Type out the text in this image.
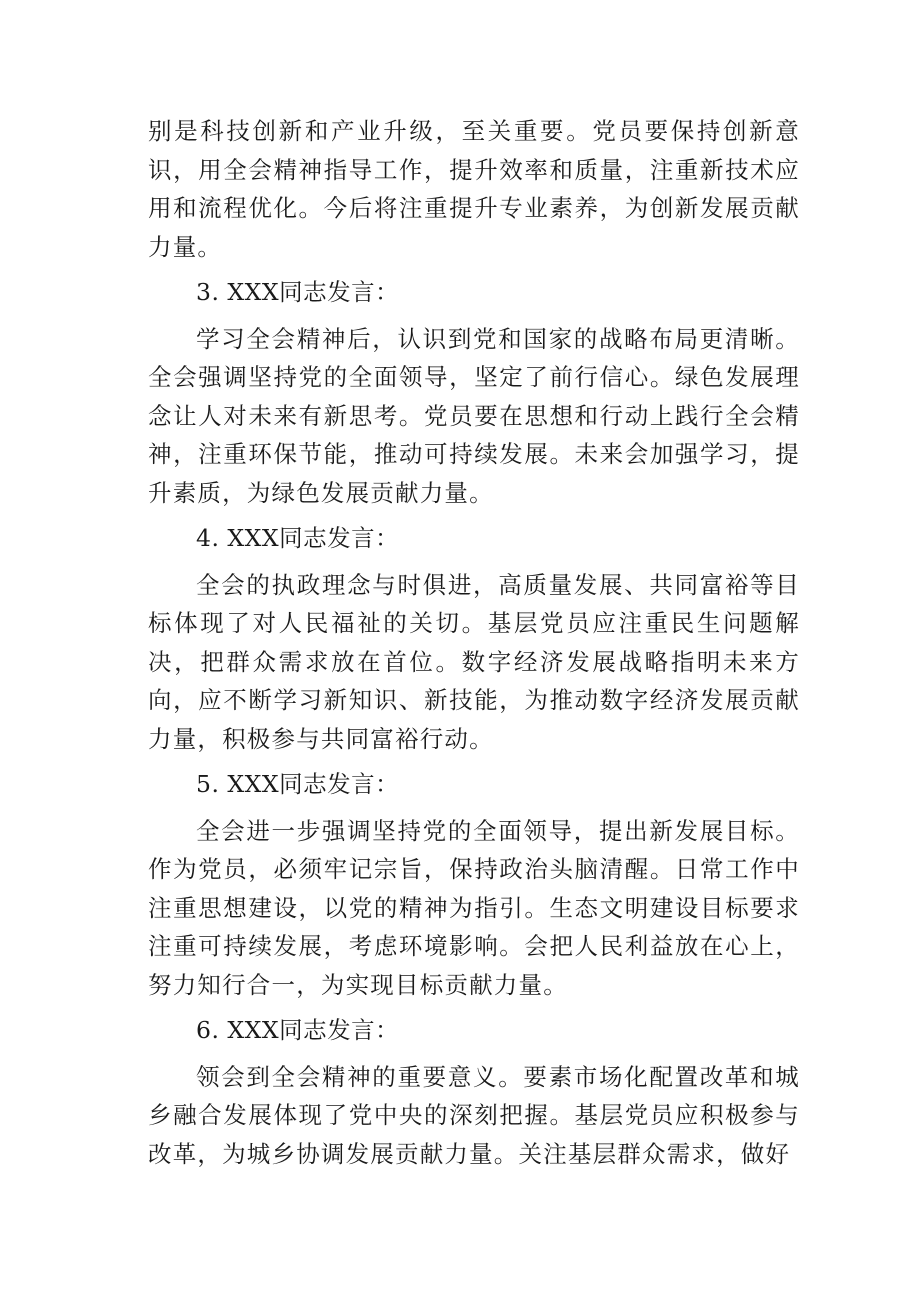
别是科技创新和产业升级，至关重要。党员要保持创新意识，用全会精神指导工作，提升效率和质量，注重新技术应用和流程优化。今后将注重提升专业素养，为创新发展贡献力量。

3. XXX同志发言：

学习全会精神后，认识到党和国家的战略布局更清晰。全会强调坚持党的全面领导，坚定了前行信心。绿色发展理念让人对未来有新思考。党员要在思想和行动上践行全会精神，注重环保节能，推动可持续发展。未来会加强学习，提升素质，为绿色发展贡献力量。

4. XXX同志发言：

全会的执政理念与时俱进，高质量发展、共同富裕等目标体现了对人民福祉的关切。基层党员应注重民生问题解决，把群众需求放在首位。数字经济发展战略指明未来方向，应不断学习新知识、新技能，为推动数字经济发展贡献力量，积极参与共同富裕行动。

5. XXX同志发言：

全会进一步强调坚持党的全面领导，提出新发展目标。作为党员，必须牢记宗旨，保持政治头脑清醒。日常工作中注重思想建设，以党的精神为指引。生态文明建设目标要求注重可持续发展，考虑环境影响。会把人民利益放在心上，努力知行合一，为实现目标贡献力量。

6. XXX同志发言：

领会到全会精神的重要意义。要素市场化配置改革和城乡融合发展体现了党中央的深刻把握。基层党员应积极参与改革，为城乡协调发展贡献力量。关注基层群众需求，做好
